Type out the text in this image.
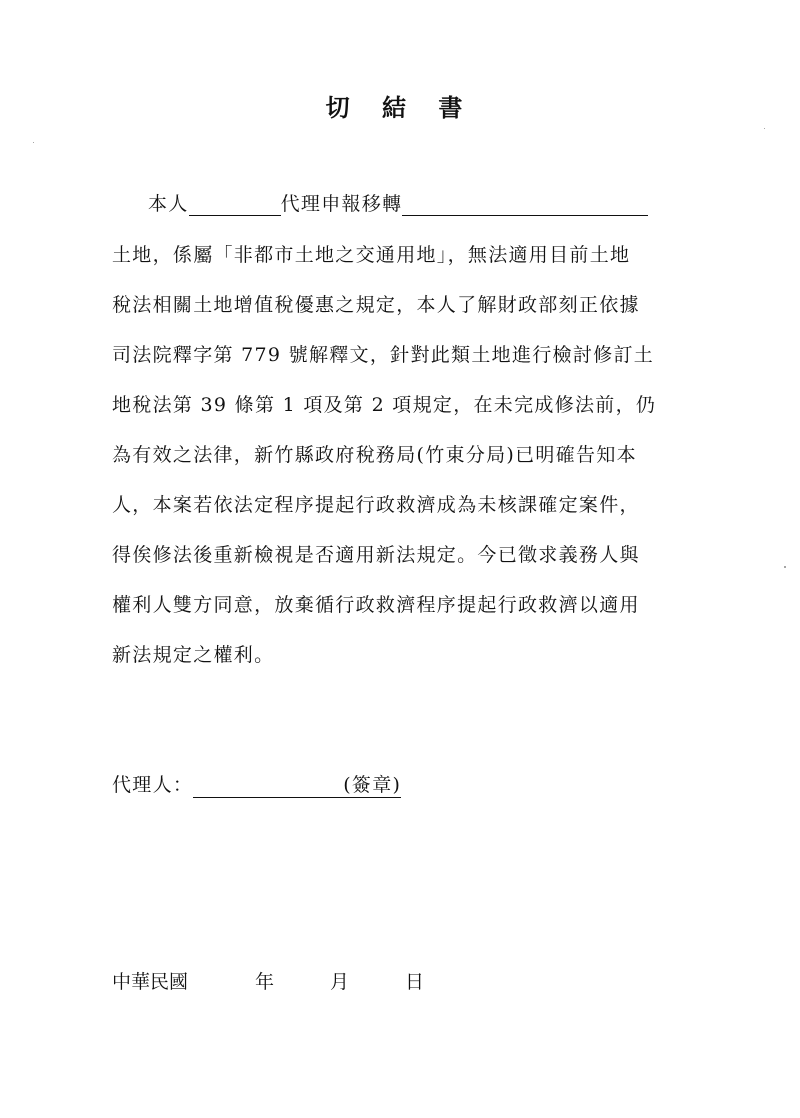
切 結 書
本人	代理申報移轉
土地，係屬「非都市土地之交通用地」，無法適用目前土地
稅法相關土地增值稅優惠之規定，本人了解財政部刻正依據
司法院釋字第 779 號解釋文，針對此類土地進行檢討修訂土
地稅法第 39 條第 1 項及第 2 項規定，在未完成修法前，仍
為有效之法律，新竹縣政府稅務局(竹東分局)已明確告知本
人，本案若依法定程序提起行政救濟成為未核課確定案件，
得俟修法後重新檢視是否適用新法規定。今已徵求義務人與
權利人雙方同意，放棄循行政救濟程序提起行政救濟以適用
新法規定之權利。
代理人：	(簽章)
中華民國	年	月	日
